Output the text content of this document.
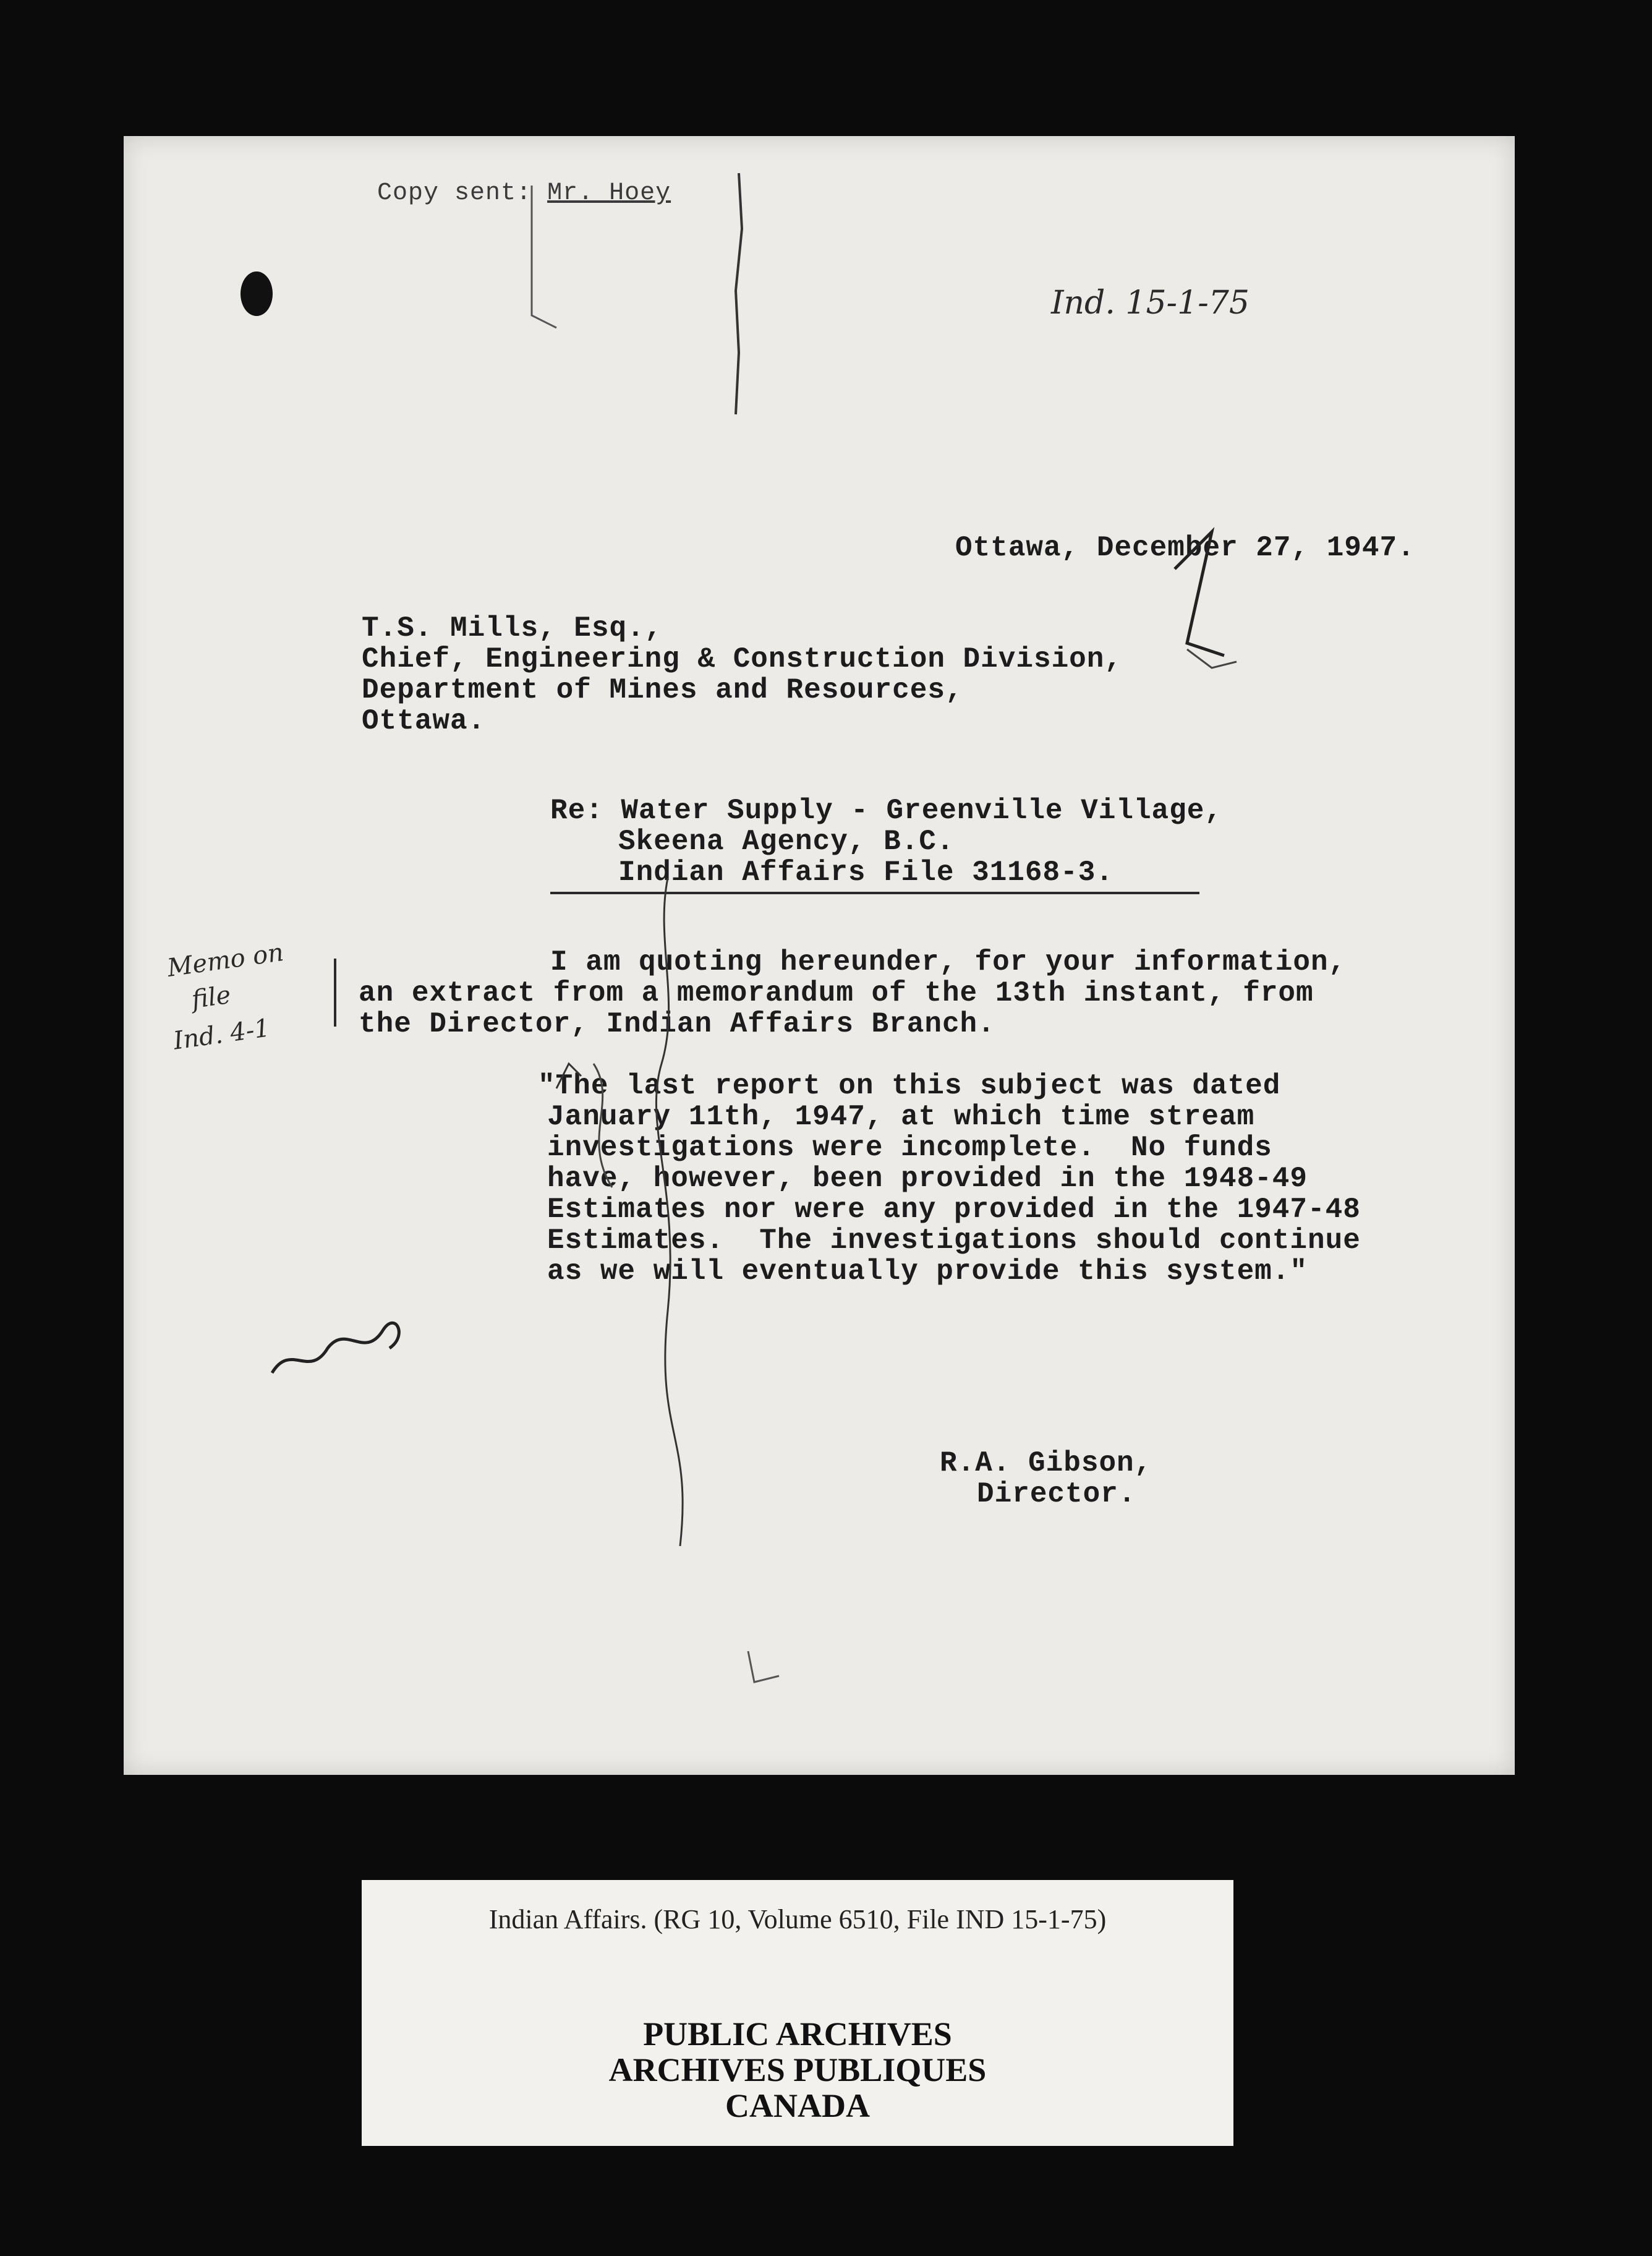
Copy sent: Mr. Hoey
Ind. 15-1-75
Ottawa, December 27, 1947.
T.S. Mills, Esq.,
Chief, Engineering & Construction Division,
Department of Mines and Resources,
Ottawa.
Re: Water Supply - Greenville Village,
Skeena Agency, B.C.
Indian Affairs File 31168-3.
I am quoting hereunder, for your information,
an extract from a memorandum of the 13th instant, from
the Director, Indian Affairs Branch.
"The last report on this subject was dated
January 11th, 1947, at which time stream
investigations were incomplete.  No funds
have, however, been provided in the 1948-49
Estimates nor were any provided in the 1947-48
Estimates.  The investigations should continue
as we will eventually provide this system."
Memo on
file
Ind. 4-1
R.A. Gibson,
Director.
Indian Affairs. (RG 10, Volume 6510, File IND 15-1-75)
PUBLIC ARCHIVES
ARCHIVES PUBLIQUES
CANADA
